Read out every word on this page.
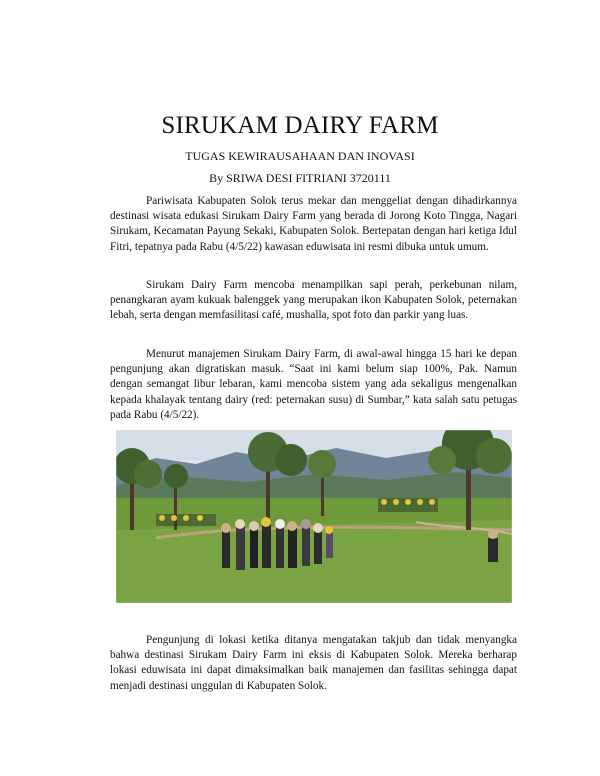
SIRUKAM DAIRY FARM

TUGAS KEWIRAUSAHAAN DAN INOVASI

By SRIWA DESI FITRIANI 3720111

Pariwisata Kabupaten Solok terus mekar dan menggeliat dengan dihadirkannya destinasi wisata edukasi Sirukam Dairy Farm yang berada di Jorong Koto Tingga, Nagari Sirukam, Kecamatan Payung Sekaki, Kabupaten Solok. Bertepatan dengan hari ketiga Idul Fitri, tepatnya pada Rabu (4/5/22) kawasan eduwisata ini resmi dibuka untuk umum.

Sirukam Dairy Farm mencoba menampilkan sapi perah, perkebunan nilam, penangkaran ayam kukuak balenggek yang merupakan ikon Kabupaten Solok, peternakan lebah, serta dengan memfasilitasi café, mushalla, spot foto dan parkir yang luas.

Menurut manajemen Sirukam Dairy Farm, di awal-awal hingga 15 hari ke depan pengunjung akan digratiskan masuk. “Saat ini kami belum siap 100%, Pak. Namun dengan semangat libur lebaran, kami mencoba sistem yang ada sekaligus mengenalkan kepada khalayak tentang dairy (red: peternakan susu) di Sumbar,” kata salah satu petugas pada Rabu (4/5/22).

Pengunjung di lokasi ketika ditanya mengatakan takjub dan tidak menyangka bahwa destinasi Sirukam Dairy Farm ini eksis di Kabupaten Solok. Mereka berharap lokasi eduwisata ini dapat dimaksimalkan baik manajemen dan fasilitas sehingga dapat menjadi destinasi unggulan di Kabupaten Solok.
